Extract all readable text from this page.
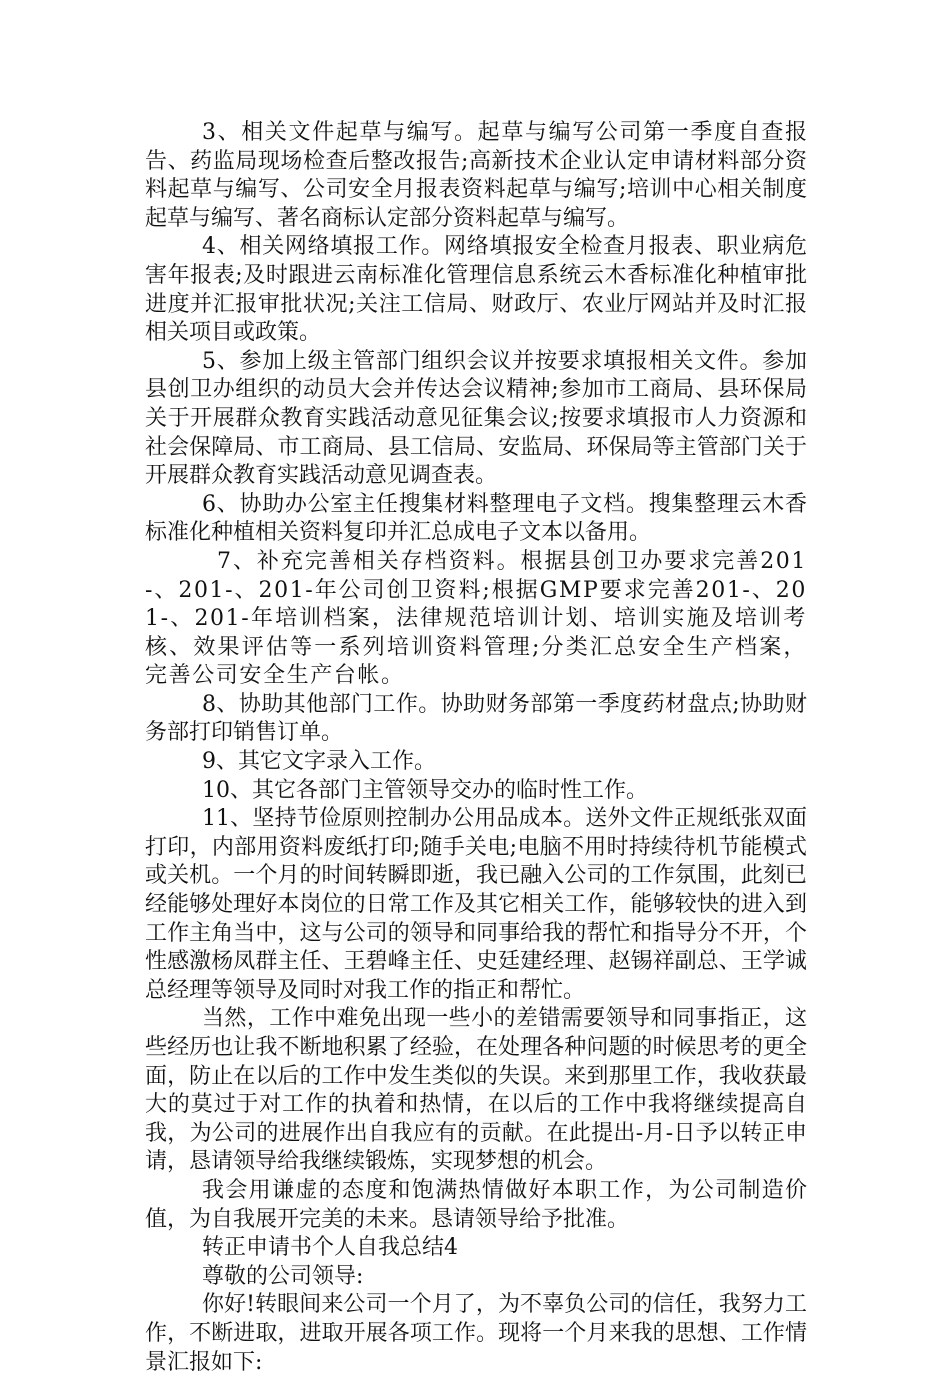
3、相关文件起草与编写。起草与编写公司第一季度自查报告、药监局现场检查后整改报告;高新技术企业认定申请材料部分资料起草与编写、公司安全月报表资料起草与编写;培训中心相关制度起草与编写、著名商标认定部分资料起草与编写。

4、相关网络填报工作。网络填报安全检查月报表、职业病危害年报表;及时跟进云南标准化管理信息系统云木香标准化种植审批进度并汇报审批状况;关注工信局、财政厅、农业厅网站并及时汇报相关项目或政策。

5、参加上级主管部门组织会议并按要求填报相关文件。参加县创卫办组织的动员大会并传达会议精神;参加市工商局、县环保局关于开展群众教育实践活动意见征集会议;按要求填报市人力资源和社会保障局、市工商局、县工信局、安监局、环保局等主管部门关于开展群众教育实践活动意见调查表。

6、协助办公室主任搜集材料整理电子文档。搜集整理云木香标准化种植相关资料复印并汇总成电子文本以备用。

7、补充完善相关存档资料。根据县创卫办要求完善201-、201-、201-年公司创卫资料;根据GMP要求完善201-、201-、201-年培训档案，法律规范培训计划、培训实施及培训考核、效果评估等一系列培训资料管理;分类汇总安全生产档案，完善公司安全生产台帐。

8、协助其他部门工作。协助财务部第一季度药材盘点;协助财务部打印销售订单。

9、其它文字录入工作。

10、其它各部门主管领导交办的临时性工作。

11、坚持节俭原则控制办公用品成本。送外文件正规纸张双面打印，内部用资料废纸打印;随手关电;电脑不用时持续待机节能模式或关机。一个月的时间转瞬即逝，我已融入公司的工作氛围，此刻已经能够处理好本岗位的日常工作及其它相关工作，能够较快的进入到工作主角当中，这与公司的领导和同事给我的帮忙和指导分不开，个性感激杨凤群主任、王碧峰主任、史廷建经理、赵锡祥副总、王学诚总经理等领导及同时对我工作的指正和帮忙。

当然，工作中难免出现一些小的差错需要领导和同事指正，这些经历也让我不断地积累了经验，在处理各种问题的时候思考的更全面，防止在以后的工作中发生类似的失误。来到那里工作，我收获最大的莫过于对工作的执着和热情，在以后的工作中我将继续提高自我，为公司的进展作出自我应有的贡献。在此提出-月-日予以转正申请，恳请领导给我继续锻炼，实现梦想的机会。

我会用谦虚的态度和饱满热情做好本职工作，为公司制造价值，为自我展开完美的未来。恳请领导给予批准。

转正申请书个人自我总结4

尊敬的公司领导:

你好!转眼间来公司一个月了，为不辜负公司的信任，我努力工作，不断进取，进取开展各项工作。现将一个月来我的思想、工作情景汇报如下:
